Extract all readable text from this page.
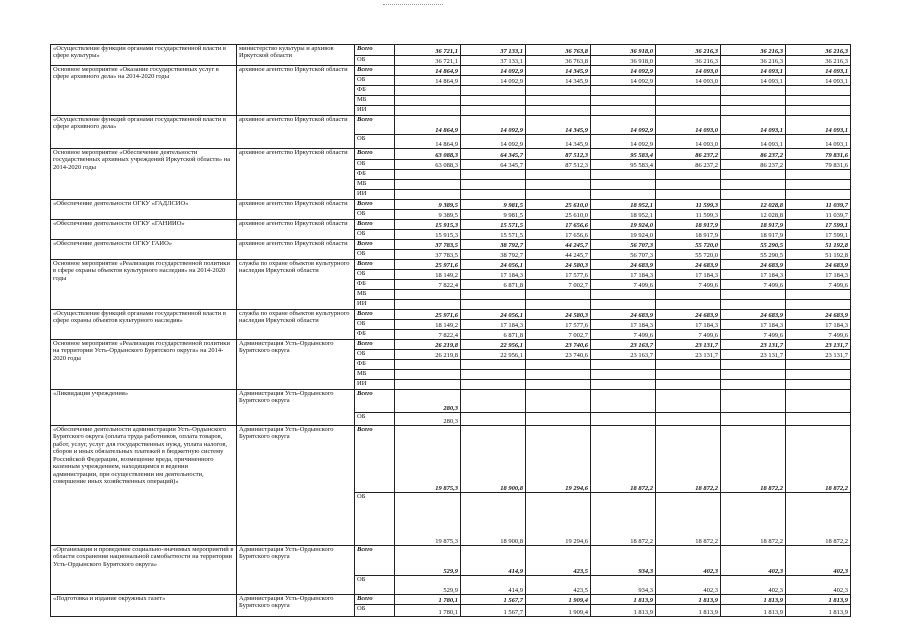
«Осуществление функции органами государственной власти в сфере культуры»	министерство культуры и архивов Иркутской области	Всего	36 721,1	37 133,1	36 763,8	36 918,0	36 216,3	36 216,3	36 216,3
		ОБ	36 721,1	37 133,1	36 763,8	36 918,0	36 216,3	36 216,3	36 216,3
Основное мероприятие «Оказание государственных услуг в сфере архивного дела» на 2014-2020 годы	архивное агентство Иркутской области	Всего	14 864,9	14 092,9	14 345,9	14 092,9	14 093,0	14 093,1	14 093,1
		ОБ	14 864,9	14 092,9	14 345,9	14 092,9	14 093,0	14 093,1	14 093,1
		ФБ							
		МБ							
		ИИ							
«Осуществление функций органами государственной власти в сфере архивного дела»	архивное агентство Иркутской области	Всего	14 864,9	14 092,9	14 345,9	14 092,9	14 093,0	14 093,1	14 093,1
		ОБ	14 864,9	14 092,9	14 345,9	14 092,9	14 093,0	14 093,1	14 093,1
Основное мероприятие «Обеспечение деятельности государственных архивных учреждений Иркутской области» на 2014-2020 годы	архивное агентство Иркутской области	Всего	63 088,3	64 345,7	87 512,3	95 583,4	86 237,2	86 237,2	79 831,6
		ОБ	63 088,3	64 345,7	87 512,3	95 583,4	86 237,2	86 237,2	79 831,6
		ФБ							
		МБ							
		ИИ							
«Обеспечение деятельности ОГКУ «ГАДЛСИО»	архивное агентство Иркутской области	Всего	9 389,5	9 981,5	25 610,0	18 952,1	11 599,3	12 028,8	11 039,7
		ОБ	9 389,5	9 981,5	25 610,0	18 952,1	11 599,3	12 028,8	11 039,7
«Обеспечение деятельности ОГКУ «ГАНИИО»	архивное агентство Иркутской области	Всего	15 915,3	15 571,5	17 656,6	19 924,0	18 917,9	18 917,9	17 599,1
		ОБ	15 915,3	15 571,5	17 656,6	19 924,0	18 917,9	18 917,9	17 599,1
«Обеспечение деятельности ОГКУ ГАИО»	архивное агентство Иркутской области	Всего	37 783,5	38 792,7	44 245,7	56 707,3	55 720,0	55 290,5	51 192,8
		ОБ	37 783,5	38 792,7	44 245,7	56 707,3	55 720,0	55 290,5	51 192,8
Основное мероприятие «Реализация государственной политики в сфере охраны объектов культурного наследия» на 2014-2020 годы	служба по охране объектов культурного наследия Иркутской области	Всего	25 971,6	24 056,1	24 580,3	24 683,9	24 683,9	24 683,9	24 683,9
		ОБ	18 149,2	17 184,3	17 577,6	17 184,3	17 184,3	17 184,3	17 184,3
		ФБ	7 822,4	6 871,8	7 002,7	7 499,6	7 499,6	7 499,6	7 499,6
		МБ							
		ИИ							
«Осуществление функций органами государственной власти в сфере охраны объектов культурного наследия»	служба по охране объектов культурного наследия Иркутской области	Всего	25 971,6	24 056,1	24 580,3	24 683,9	24 683,9	24 683,9	24 683,9
		ОБ	18 149,2	17 184,3	17 577,6	17 184,3	17 184,3	17 184,3	17 184,3
		ФБ	7 822,4	6 871,8	7 002,7	7 499,6	7 499,6	7 499,6	7 499,6
Основное мероприятие «Реализация государственной политики на территории Усть-Ордынского Бурятского округа» на 2014-2020 годы	Администрация Усть-Ордынского Бурятского округа	Всего	26 219,8	22 956,1	23 740,6	23 163,7	23 131,7	23 131,7	23 131,7
		ОБ	26 219,8	22 956,1	23 740,6	23 163,7	23 131,7	23 131,7	23 131,7
		ФБ							
		МБ							
		ИИ							
«Ликвидация учреждения»	Администрация Усть-Ордынского Бурятского округа	Всего	280,3						
		ОБ	280,3						
«Обеспечение деятельности администрации Усть-Ордынского Бурятского округа (оплата труда работников, оплата товаров, работ, услуг, услуг для государственных нужд, уплата налогов, сборов и иных обязательных платежей в бюджетную систему Российской Федерации, возмещение вреда, причиненного казенным учреждением, находящимся в ведении администрации, при осуществлении им деятельности, совершение иных хозяйственных операций)»	Администрация Усть-Ордынского Бурятского округа	Всего	19 875,3	18 900,8	19 294,6	18 872,2	18 872,2	18 872,2	18 872,2
		ОБ	19 875,3	18 900,8	19 294,6	18 872,2	18 872,2	18 872,2	18 872,2
«Организация и проведение социально-значимых мероприятий в области сохранения национальной самобытности на территории Усть-Ордынского Бурятского округа»	Администрация Усть-Ордынского Бурятского округа	Всего	529,9	414,9	423,5	934,3	402,3	402,3	402,3
		ОБ	529,9	414,9	423,5	934,3	402,3	402,3	402,3
«Подготовка и издание окружных газет»	Администрация Усть-Ордынского Бурятского округа	Всего	1 780,1	1 567,7	1 909,4	1 813,9	1 813,9	1 813,9	1 813,9
		ОБ	1 780,1	1 567,7	1 909,4	1 813,9	1 813,9	1 813,9	1 813,9
